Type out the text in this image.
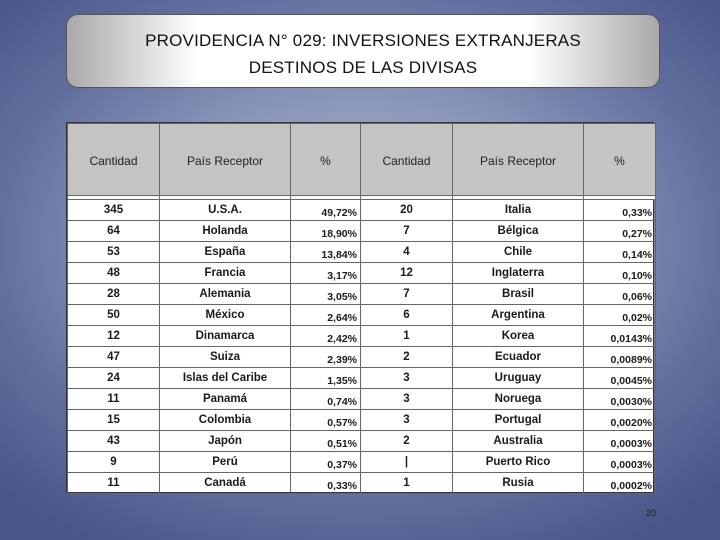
PROVIDENCIA N° 029: INVERSIONES EXTRANJERAS
DESTINOS DE LAS DIVISAS
Cantidad	País Receptor	%	Cantidad	País Receptor	%

345	U.S.A.	49,72%	20	Italia	0,33%
64	Holanda	18,90%	7	Bélgica	0,27%
53	España	13,84%	4	Chile	0,14%
48	Francia	3,17%	12	Inglaterra	0,10%
28	Alemania	3,05%	7	Brasil	0,06%
50	México	2,64%	6	Argentina	0,02%
12	Dinamarca	2,42%	1	Korea	0,0143%
47	Suiza	2,39%	2	Ecuador	0,0089%
24	Islas del Caribe	1,35%	3	Uruguay	0,0045%
11	Panamá	0,74%	3	Noruega	0,0030%
15	Colombia	0,57%	3	Portugal	0,0020%
43	Japón	0,51%	2	Australia	0,0003%
9	Perú	0,37%	|	Puerto Rico	0,0003%
11	Canadá	0,33%	1	Rusia	0,0002%
20
